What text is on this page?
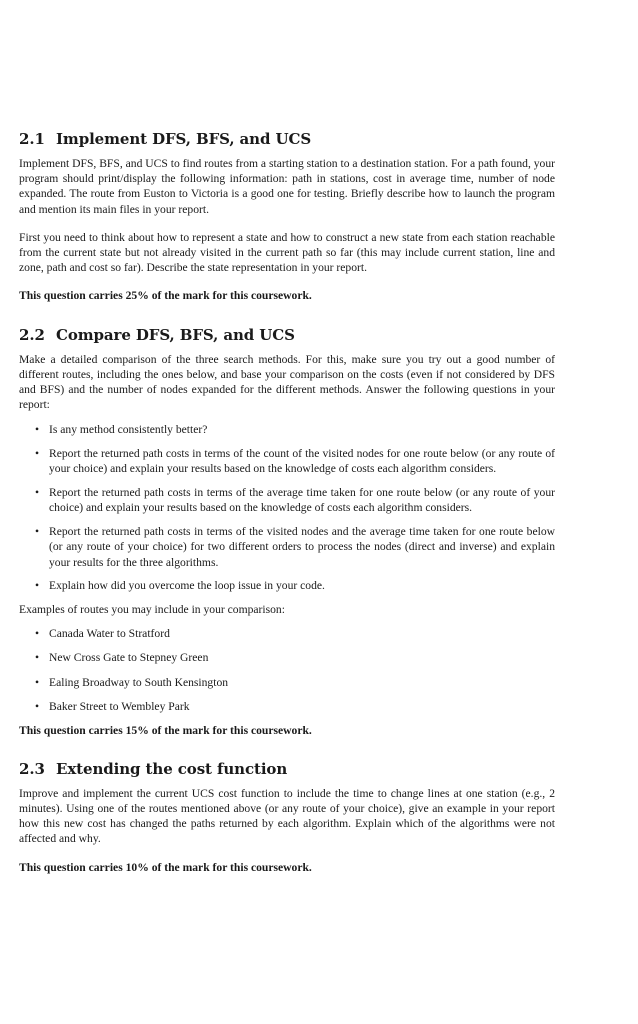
2.1 Implement DFS, BFS, and UCS

Implement DFS, BFS, and UCS to find routes from a starting station to a destination station. For a path found, your program should print/display the following information: path in stations, cost in average time, number of node expanded. The route from Euston to Victoria is a good one for testing. Briefly describe how to launch the program and mention its main files in your report.

First you need to think about how to represent a state and how to construct a new state from each station reachable from the current state but not already visited in the current path so far (this may include current station, line and zone, path and cost so far). Describe the state representation in your report.

This question carries 25% of the mark for this coursework.

2.2 Compare DFS, BFS, and UCS

Make a detailed comparison of the three search methods. For this, make sure you try out a good number of different routes, including the ones below, and base your comparison on the costs (even if not considered by DFS and BFS) and the number of nodes expanded for the different methods. Answer the following questions in your report:

• Is any method consistently better?
• Report the returned path costs in terms of the count of the visited nodes for one route below (or any route of your choice) and explain your results based on the knowledge of costs each algorithm considers.
• Report the returned path costs in terms of the average time taken for one route below (or any route of your choice) and explain your results based on the knowledge of costs each algorithm considers.
• Report the returned path costs in terms of the visited nodes and the average time taken for one route below (or any route of your choice) for two different orders to process the nodes (direct and inverse) and explain your results for the three algorithms.
• Explain how did you overcome the loop issue in your code.

Examples of routes you may include in your comparison:

• Canada Water to Stratford
• New Cross Gate to Stepney Green
• Ealing Broadway to South Kensington
• Baker Street to Wembley Park

This question carries 15% of the mark for this coursework.

2.3 Extending the cost function

Improve and implement the current UCS cost function to include the time to change lines at one station (e.g., 2 minutes). Using one of the routes mentioned above (or any route of your choice), give an example in your report how this new cost has changed the paths returned by each algorithm. Explain which of the algorithms were not affected and why.

This question carries 10% of the mark for this coursework.
